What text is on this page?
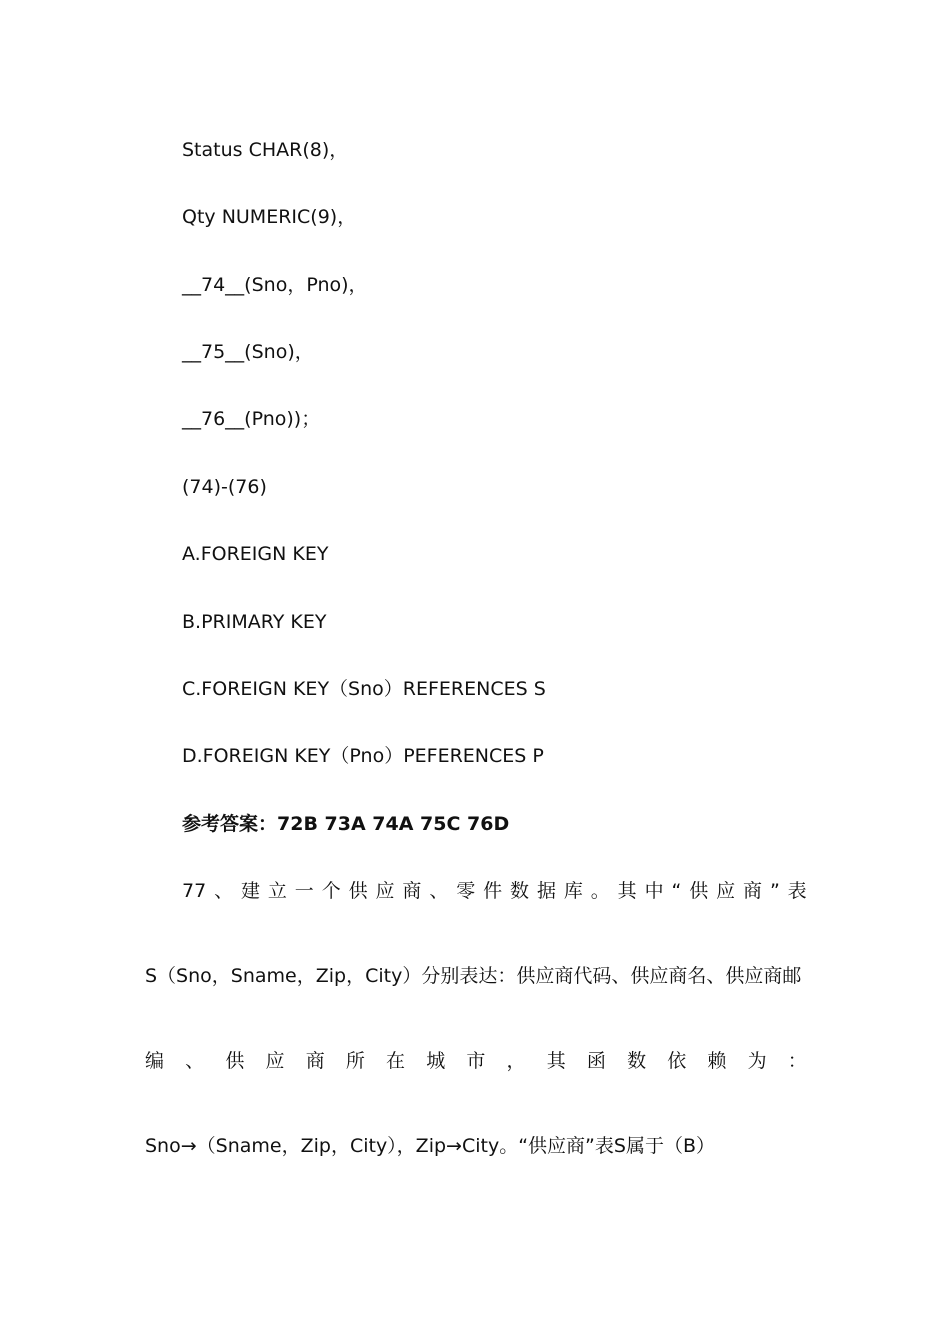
Status CHAR(8)，
Qty NUMERIC(9)，
__74__(Sno，Pno)，
__75__(Sno)，
__76__(Pno))；
(74)-(76)
A.FOREIGN KEY
B.PRIMARY KEY
C.FOREIGN KEY（Sno）REFERENCES S
D.FOREIGN KEY（Pno）PEFERENCES P
参考答案：72B 73A 74A 75C 76D
77 、 建 立 一 个 供 应 商 、 零 件 数 据 库 。 其 中 “ 供 应 商 ” 表
S（Sno，Sname，Zip，City）分别表达：供应商代码、供应商名、供应商邮
编 、 供 应 商 所 在 城 市 ， 其 函 数 依 赖 为 ：
Sno→（Sname，Zip，City），Zip→City。“供应商”表S属于（B）
